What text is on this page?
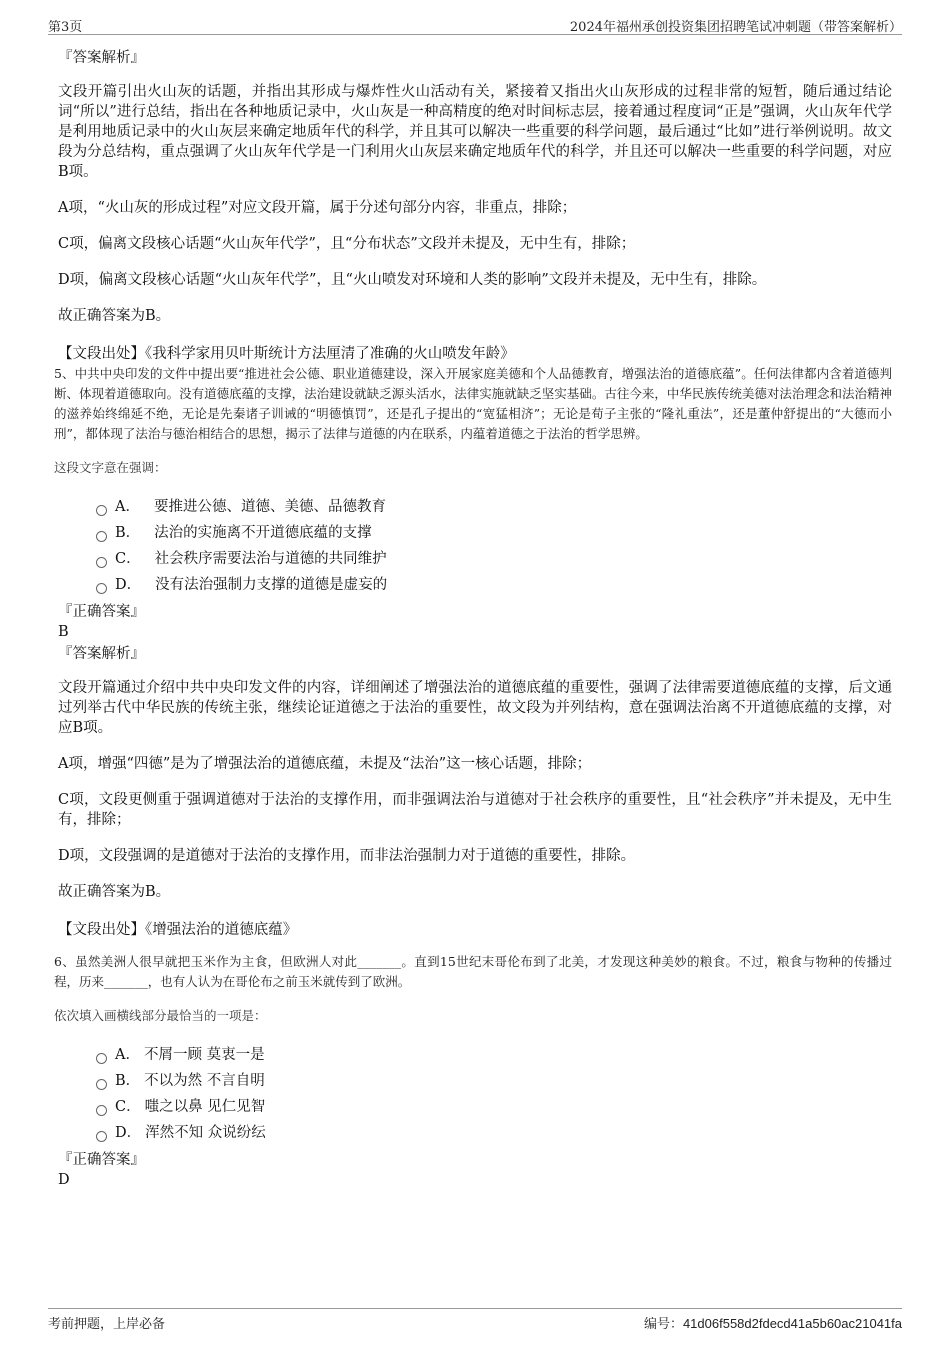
第3页	2024年福州承创投资集团招聘笔试冲刺题（带答案解析）
『答案解析』

文段开篇引出火山灰的话题，并指出其形成与爆炸性火山活动有关，紧接着又指出火山灰形成的过程非常的短暂，随后通过结论词“所以”进行总结，指出在各种地质记录中，火山灰是一种高精度的绝对时间标志层，接着通过程度词“正是”强调，火山灰年代学是利用地质记录中的火山灰层来确定地质年代的科学，并且其可以解决一些重要的科学问题，最后通过“比如”进行举例说明。故文段为分总结构，重点强调了火山灰年代学是一门利用火山灰层来确定地质年代的科学，并且还可以解决一些重要的科学问题，对应B项。

A项，“火山灰的形成过程”对应文段开篇，属于分述句部分内容，非重点，排除；

C项，偏离文段核心话题“火山灰年代学”，且“分布状态”文段并未提及，无中生有，排除；

D项，偏离文段核心话题“火山灰年代学”，且“火山喷发对环境和人类的影响”文段并未提及，无中生有，排除。

故正确答案为B。

【文段出处】《我科学家用贝叶斯统计方法厘清了准确的火山喷发年龄》

5、中共中央印发的文件中提出要“推进社会公德、职业道德建设，深入开展家庭美德和个人品德教育，增强法治的道德底蕴”。任何法律都内含着道德判断、体现着道德取向。没有道德底蕴的支撑，法治建设就缺乏源头活水，法律实施就缺乏坚实基础。古往今来，中华民族传统美德对法治理念和法治精神的滋养始终绵延不绝，无论是先秦诸子训诫的“明德慎罚”，还是孔子提出的“宽猛相济”；无论是荀子主张的“隆礼重法”，还是董仲舒提出的“大德而小刑”，都体现了法治与德治相结合的思想，揭示了法律与道德的内在联系，内蕴着道德之于法治的哲学思辨。

这段文字意在强调：

A． 要推进公德、道德、美德、品德教育
B． 法治的实施离不开道德底蕴的支撑
C． 社会秩序需要法治与道德的共同维护
D． 没有法治强制力支撑的道德是虚妄的
『正确答案』
B
『答案解析』

文段开篇通过介绍中共中央印发文件的内容，详细阐述了增强法治的道德底蕴的重要性，强调了法律需要道德底蕴的支撑，后文通过列举古代中华民族的传统主张，继续论证道德之于法治的重要性，故文段为并列结构，意在强调法治离不开道德底蕴的支撑，对应B项。

A项，增强“四德”是为了增强法治的道德底蕴，未提及“法治”这一核心话题，排除；

C项，文段更侧重于强调道德对于法治的支撑作用，而非强调法治与道德对于社会秩序的重要性，且“社会秩序”并未提及，无中生有，排除；

D项，文段强调的是道德对于法治的支撑作用，而非法治强制力对于道德的重要性，排除。

故正确答案为B。

【文段出处】《增强法治的道德底蕴》

6、虽然美洲人很早就把玉米作为主食，但欧洲人对此_______。直到15世纪末哥伦布到了北美，才发现这种美妙的粮食。不过，粮食与物种的传播过程，历来_______，也有人认为在哥伦布之前玉米就传到了欧洲。

依次填入画横线部分最恰当的一项是：

A． 不屑一顾 莫衷一是
B． 不以为然 不言自明
C． 嗤之以鼻 见仁见智
D． 浑然不知 众说纷纭
『正确答案』
D
考前押题，上岸必备	编号：41d06f558d2fdecd41a5b60ac21041fa
